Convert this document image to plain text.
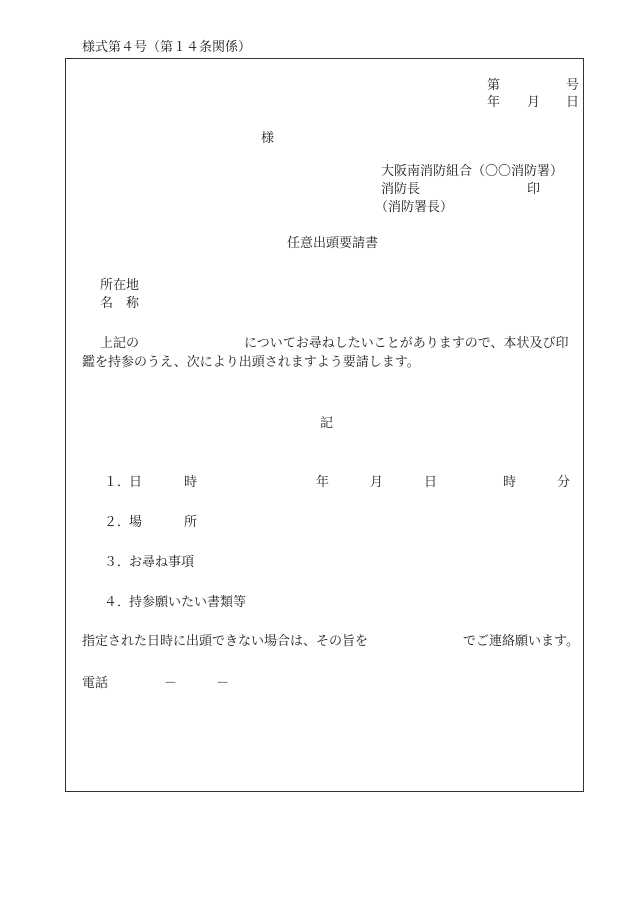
様式第４号（第１４条関係）
第	号
年 月 日
様
大阪南消防組合（〇〇消防署）
消防長	印
（消防署長）
任意出頭要請書
所在地
名　称
上記の	についてお尋ねしたいことがありますので、本状及び印
鑑を持参のうえ、次により出頭されますよう要請します。
記
１．
日	時	年	月	日	時	分
２．
場	所
３．
お尋ね事項
４．
持参願いたい書類等
指定された日時に出頭できない場合は、その旨を	でご連絡願います。
電話	－	－
